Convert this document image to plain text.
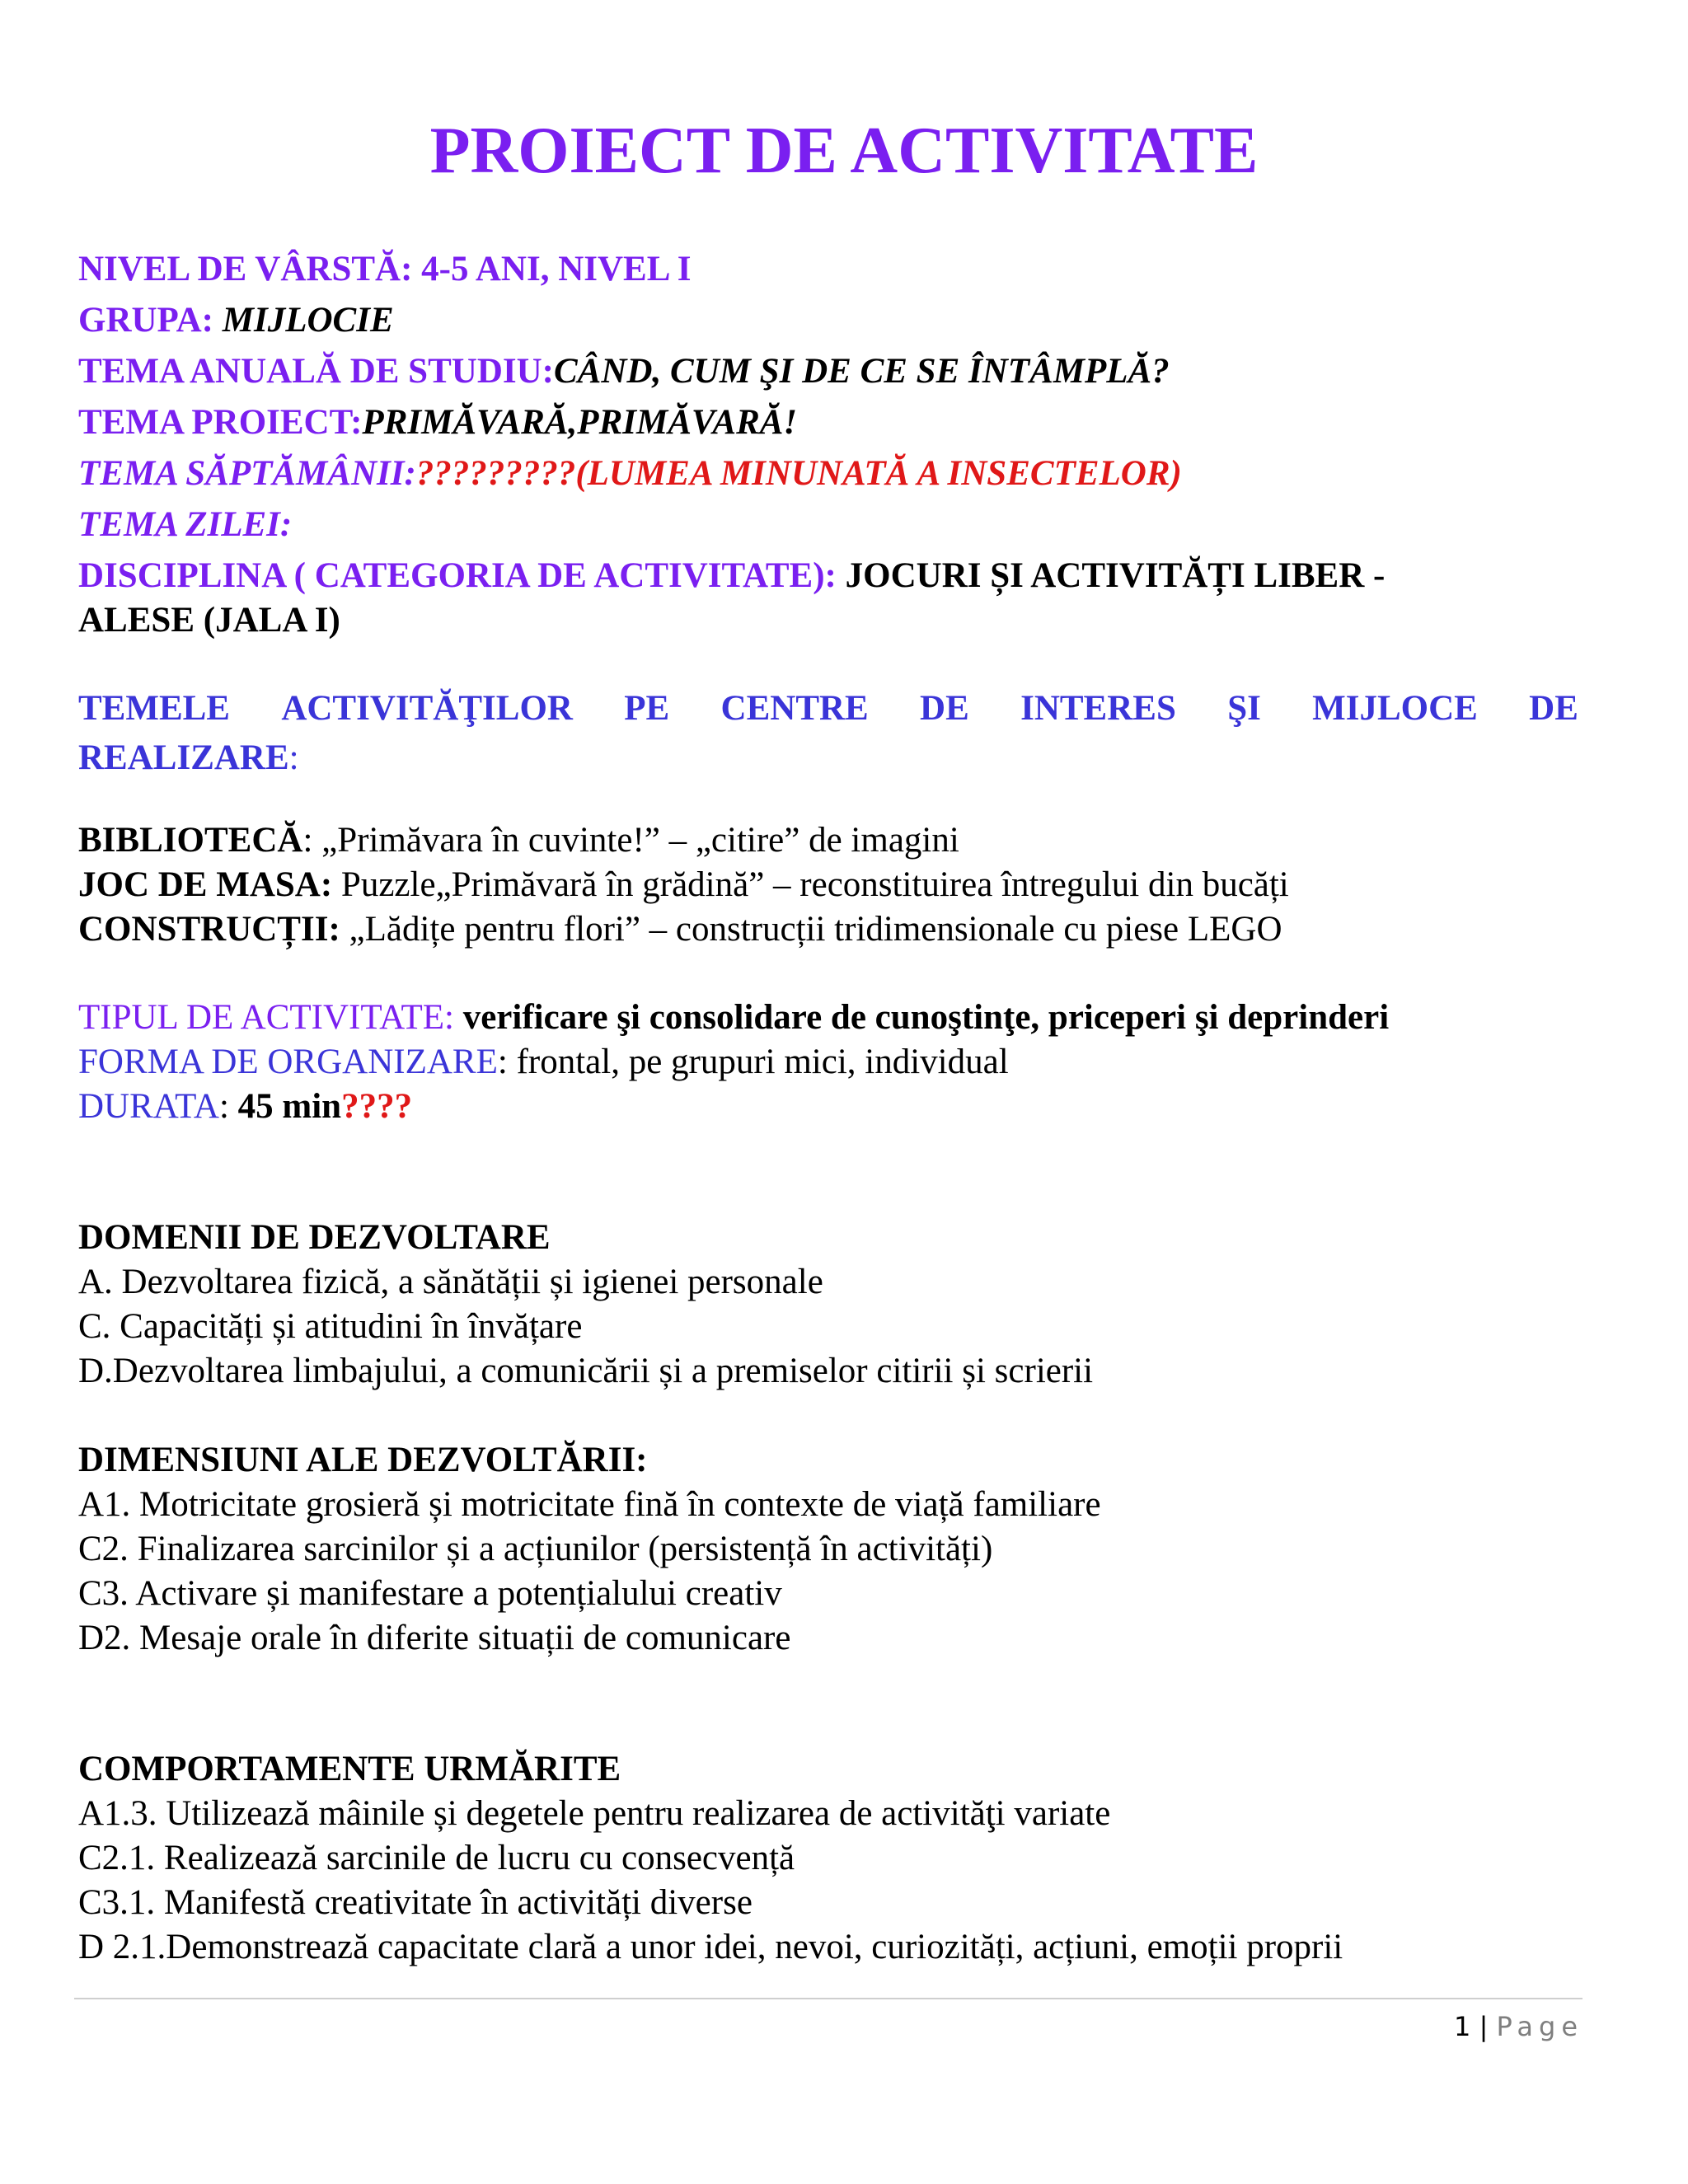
PROIECT DE ACTIVITATE
NIVEL DE VÂRSTĂ: 4-5 ANI, NIVEL I
GRUPA: MIJLOCIE
TEMA ANUALĂ DE STUDIU:CÂND, CUM ŞI DE CE SE ÎNTÂMPLĂ?
TEMA PROIECT:PRIMĂVARĂ,PRIMĂVARĂ!
TEMA SĂPTĂMÂNII:?????????(LUMEA MINUNATĂ A INSECTELOR)
TEMA ZILEI:
DISCIPLINA ( CATEGORIA DE ACTIVITATE): JOCURI ȘI ACTIVITĂȚI LIBER -
ALESE (JALA I)
TEMELE ACTIVITĂŢILOR PE CENTRE DE INTERES ŞI MIJLOCE DE
REALIZARE:
BIBLIOTECĂ: „Primăvara în cuvinte!” – „citire” de imagini
JOC DE MASA: Puzzle„Primăvară în grădină” – reconstituirea întregului din bucăți
CONSTRUCȚII: „Lădițe pentru flori” – construcții tridimensionale cu piese LEGO
TIPUL DE ACTIVITATE: verificare şi consolidare de cunoştinţe, priceperi şi deprinderi
FORMA DE ORGANIZARE: frontal, pe grupuri mici, individual
DURATA: 45 min????
DOMENII DE DEZVOLTARE
A. Dezvoltarea fizică, a sănătății și igienei personale
C. Capacități și atitudini în învățare
D.Dezvoltarea limbajului, a comunicării și a premiselor citirii și scrierii
DIMENSIUNI ALE DEZVOLTĂRII:
A1. Motricitate grosieră și motricitate fină în contexte de viață familiare
C2. Finalizarea sarcinilor și a acțiunilor (persistență în activități)
C3. Activare și manifestare a potențialului creativ
D2. Mesaje orale în diferite situații de comunicare
COMPORTAMENTE URMĂRITE
A1.3. Utilizează mâinile și degetele pentru realizarea de activităţi variate
C2.1. Realizează sarcinile de lucru cu consecvență
C3.1. Manifestă creativitate în activități diverse
D 2.1.Demonstrează capacitate clară a unor idei, nevoi, curiozități, acțiuni, emoții proprii
1 | Page
